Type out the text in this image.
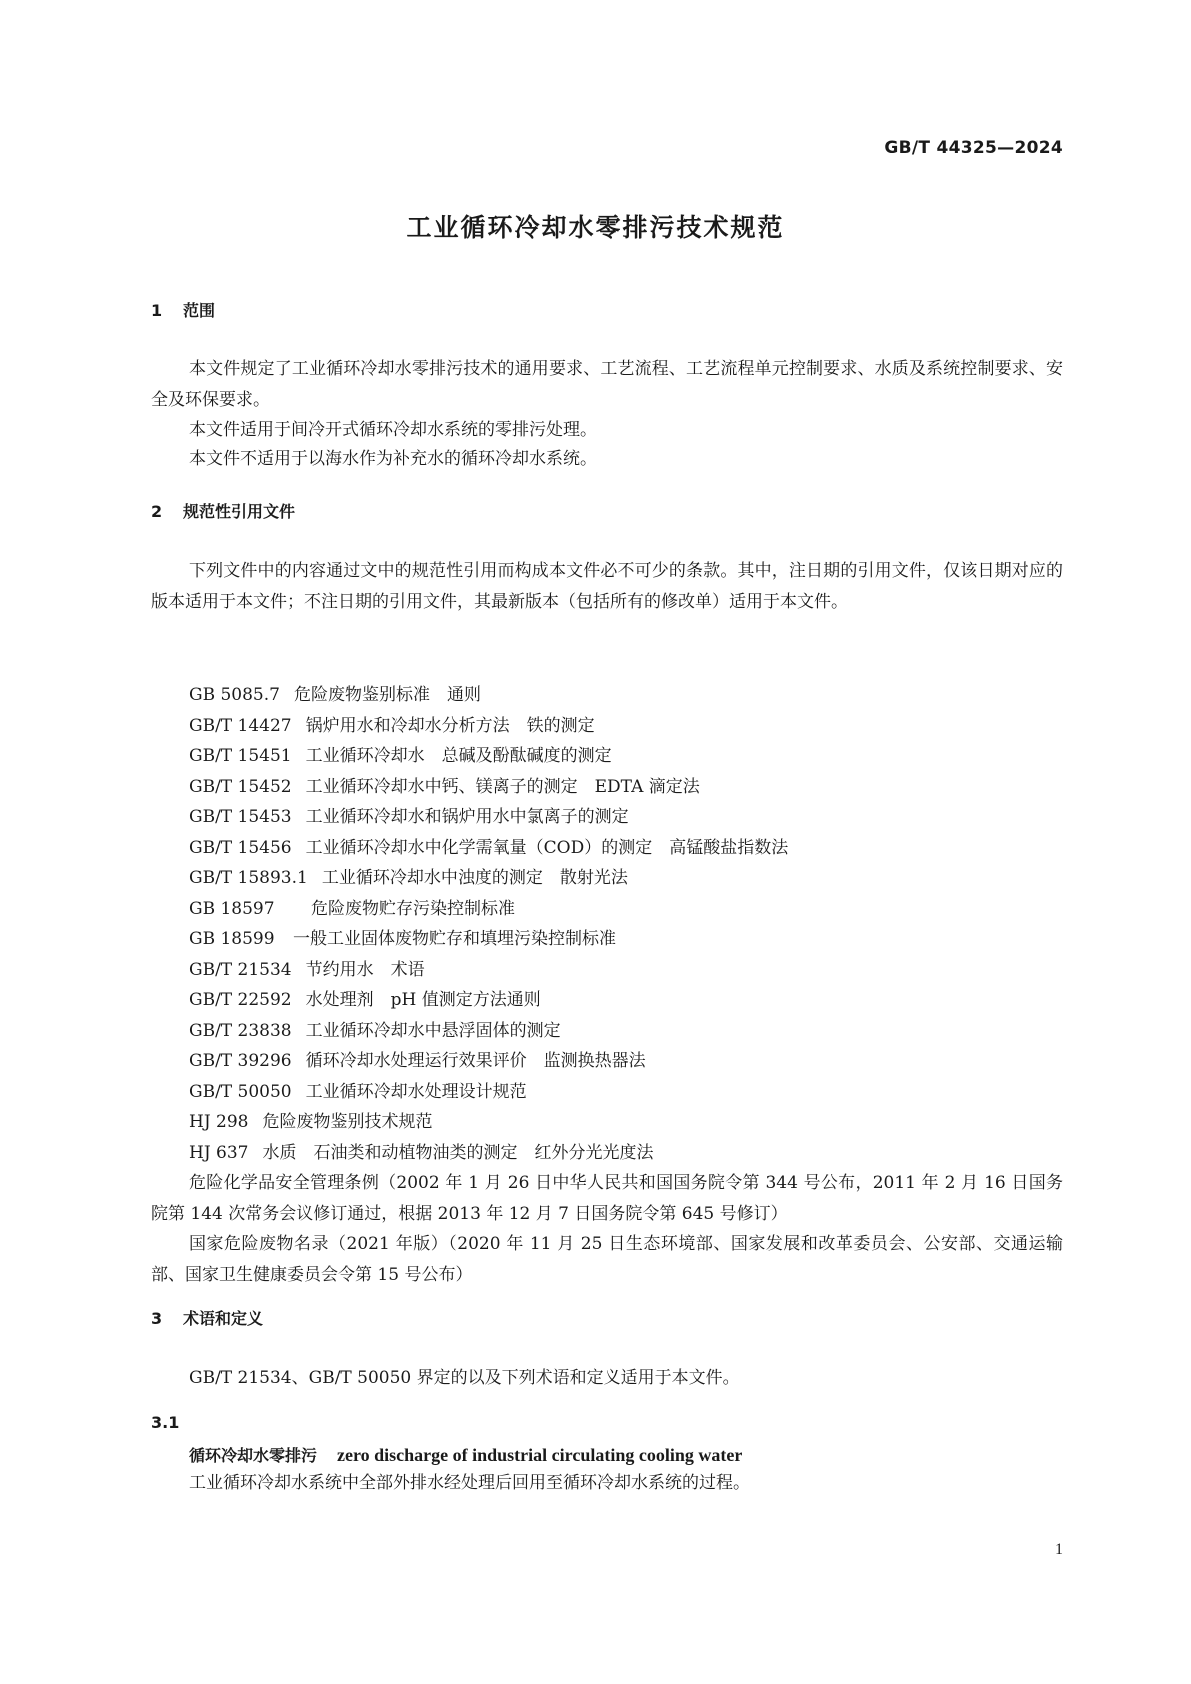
GB/T 44325—2024
工业循环冷却水零排污技术规范
1 范围

本文件规定了工业循环冷却水零排污技术的通用要求、工艺流程、工艺流程单元控制要求、水质及系统控制要求、安全及环保要求。

本文件适用于间冷开式循环冷却水系统的零排污处理。

本文件不适用于以海水作为补充水的循环冷却水系统。

2 规范性引用文件

下列文件中的内容通过文中的规范性引用而构成本文件必不可少的条款。其中，注日期的引用文件，仅该日期对应的版本适用于本文件；不注日期的引用文件，其最新版本（包括所有的修改单）适用于本文件。

GB 5085.7 危险废物鉴别标准　通则
GB/T 14427 锅炉用水和冷却水分析方法　铁的测定
GB/T 15451 工业循环冷却水　总碱及酚酞碱度的测定
GB/T 15452 工业循环冷却水中钙、镁离子的测定　EDTA 滴定法
GB/T 15453 工业循环冷却水和锅炉用水中氯离子的测定
GB/T 15456 工业循环冷却水中化学需氧量（COD）的测定　高锰酸盐指数法
GB/T 15893.1 工业循环冷却水中浊度的测定　散射光法
GB 18597 危险废物贮存污染控制标准
GB 18599 一般工业固体废物贮存和填埋污染控制标准
GB/T 21534 节约用水　术语
GB/T 22592 水处理剂　pH 值测定方法通则
GB/T 23838 工业循环冷却水中悬浮固体的测定
GB/T 39296 循环冷却水处理运行效果评价　监测换热器法
GB/T 50050 工业循环冷却水处理设计规范
HJ 298 危险废物鉴别技术规范
HJ 637 水质　石油类和动植物油类的测定　红外分光光度法

危险化学品安全管理条例（2002 年 1 月 26 日中华人民共和国国务院令第 344 号公布，2011 年 2 月 16 日国务院第 144 次常务会议修订通过，根据 2013 年 12 月 7 日国务院令第 645 号修订）

国家危险废物名录（2021 年版）（2020 年 11 月 25 日生态环境部、国家发展和改革委员会、公安部、交通运输部、国家卫生健康委员会令第 15 号公布）

3 术语和定义

GB/T 21534、GB/T 50050 界定的以及下列术语和定义适用于本文件。

3.1
循环冷却水零排污 zero discharge of industrial circulating cooling water

工业循环冷却水系统中全部外排水经处理后回用至循环冷却水系统的过程。

1
